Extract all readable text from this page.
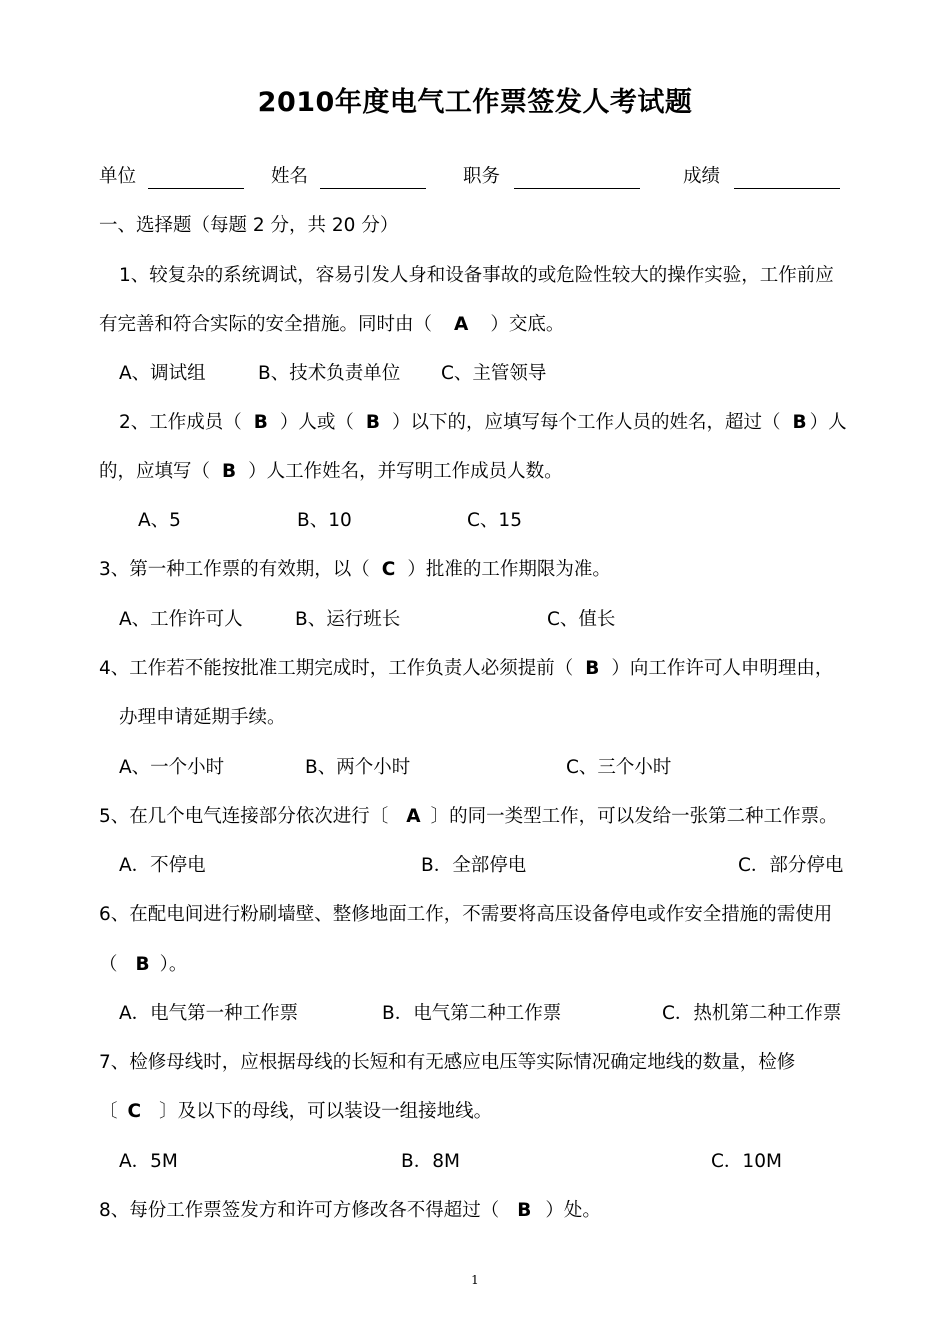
2010年度电气工作票签发人考试题
单位	姓名	职务	成绩
一、选择题（每题 2 分，共 20 分）
1、较复杂的系统调试，容易引发人身和设备事故的或危险性较大的操作实验，工作前应
有完善和符合实际的安全措施。同时由（ A ）交底。
A、调试组	B、技术负责单位 C、主管领导
2、工作成员（ B ）人或（ B ）以下的，应填写每个工作人员的姓名，超过（ B ）人
的，应填写（ B ）人工作姓名，并写明工作成员人数。
A、5	B、10	C、15
3、第一种工作票的有效期，以（ C ）批准的工作期限为准。
A、工作许可人	B、运行班长	C、值长
4、工作若不能按批准工期完成时，工作负责人必须提前（ B ）向工作许可人申明理由，
办理申请延期手续。
A、一个小时	B、两个小时	C、三个小时
5、在几个电气连接部分依次进行〔 A 〕的同一类型工作，可以发给一张第二种工作票。
A．不停电	B．全部停电	C．部分停电
6、在配电间进行粉刷墙壁、整修地面工作，不需要将高压设备停电或作安全措施的需使用
（ B ）。
A．电气第一种工作票	B．电气第二种工作票	C．热机第二种工作票
7、检修母线时，应根据母线的长短和有无感应电压等实际情况确定地线的数量，检修
〔 C 〕及以下的母线，可以装设一组接地线。
A．5M	B．8M	C．10M
8、每份工作票签发方和许可方修改各不得超过（ B ）处。
1
